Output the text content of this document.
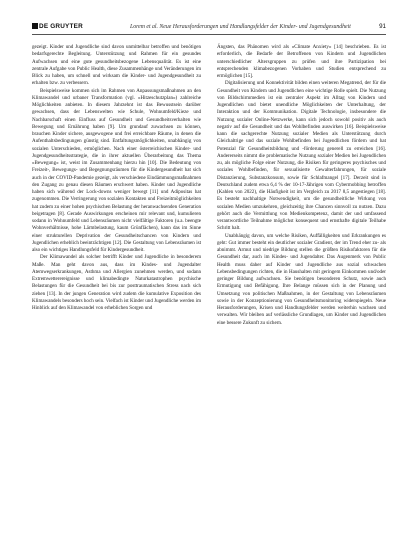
DE GRUYTER	Lorem et al. Neue Herausforderungen und Handlungsfelder der Kinder- und Jugendgesundheit	91

gezeigt. Kinder und Jugendliche sind davon unmittelbar betroffen und benötigen bedarfsgerechte Begleitung. Unterstützung und Rahmen für ein gesundes Aufwachsen und eine gute gesundheitsbezogene Lebensqualität. Es ist eine zentrale Aufgabe von Public Health, diese Zusammenhänge und Veränderungen im Blick zu haben, um schnell und wirksam die Kinder- und Jugendgesundheit zu erhalten bzw. zu verbessern.

Beispielsweise kommen sich im Rahmen von Anpassungsmaßnahmen an den Klimawandel und urbaner Transformation (vgl. »Hitzeschutzplan«) zahlreiche Möglichkeiten anbieten. In diesem Jahrzehnt ist das Bewusstsein darüber gewachsen, dass der Lebenswelten wie Schule, Wohnumfeld/Kieze und Nachbarschaft einen Einfluss auf Gesundheit und Gesundheitsverhalten wie Bewegung und Ernährung haben [9]. Um grundauf zuwachsen zu können, brauchen Kinder sichere, ausgewogene und frei erreichbare Räume, in denen die Aufenthaltsbedingungen günstig sind. Entfaltungsmöglichkeiten, unabhängig von sozialen Unterschieden, ermöglichen. Nach einer österreichischen Kinder- und Jugendgesundheitsstrategie, die in ihrer aktuellen Überarbeitung das Thema »Bewegung« ist, weist im Zusammenhang hierzu hin [10]. Die Bedeutung von Freizeit-, Bewegungs- und Begegnungsräumen für die Kindergesundheit hat sich auch in der COVID-Pandemie gezeigt, als verschiedene Eindämmungsmaßnahmen den Zugang zu genau diesen Räumen erschwert haben. Kinder und Jugendliche haben sich während der Lock-downs weniger bewegt [11] und Adipositas hat zugenommen. Die Verringerung von sozialen Kontakten und Freizeitmöglichkeiten hat zudem zu einer hohen psychischen Belastung der heranwachsenden Generation beigetragen [8]. Gerade Auswirkungen erscheinen mir relevant und, kumulieren sodann in Wohnumfeld und Lebensräumen nicht vielfältige Faktoren (u.a. beengte Wohnverhältnisse, hohe Lärmbelastung, kaum Grünflächen), kann das im Sinne einer strukturellen Deprivation der Gesundheitschancen von Kindern und Jugendlichen erheblich beeinträchtigen [12]. Die Gestaltung von Lebensräumen ist also ein wichtiges Handlungsfeld für Kindergesundheit.

Der Klimawandel als solcher betrifft Kinder und Jugendliche in besonderem Maße. Man geht davon aus, dass im Kindes- und Jugendalter Atemwegserkrankungen, Asthma und Allergien zunehmen werden, und sodann Extremwetterereignisse und klimabedingte Naturkatastrophen psychische Belastungen für die Gesundheit bei bis zur posttraumatischen Stress nach sich ziehen [13]. In der jungen Generation wird zudem die kumulative Exposition des Klimawandels besonders hoch sein. Vielfach ist Kinder und Jugendliche werden im Hinblick auf den Klimawandel von erheblichen Sorgen und

Ängsten, das Phänomen wird als »Climate Anxiety« [14] beschrieben. Es ist erforderlich, die Bedarfe der Betroffenen von Kindern und Jugendlichen unterschiedlicher Altersgruppen zu prüfen und ihre Partizipation bei entsprechenden klimabezogenen Vorhaben und Studien entsprechend zu ermöglichen [15].

Digitalisierung und Konnektivität bilden einen weiteren Megatrend, der für die Gesundheit von Kindern und Jugendlichen eine wichtige Rolle spielt. Die Nutzung von Bildschirmmedien ist ein zentraler Aspekt im Alltag von Kindern und Jugendlichen und bietet unendliche Möglichkeiten der Unterhaltung, der Interaktion und der Kommunikation. Digitale Technologie, insbesondere die Nutzung sozialer Online-Netzwerke, kann sich jedoch sowohl positiv als auch negativ auf die Gesundheit und das Wohlbefinden auswirken [16]. Beispielsweise kann die sachgerechte Nutzung sozialer Medien als Unterstützung durch Gleichaltrige und das soziale Wohlbefinden bei Jugendlichen fördern und hat Potenzial für Gesundheitsbildung und -förderung generell zu erreichen [16]. Andererseits nimmt die problematische Nutzung sozialer Medien bei Jugendlichen zu, als mögliche Folge einer Nutzung, die Risiken für geringeres psychisches und soziales Wohlbefinden, für sexualisierte Gewalterfahrungen, für soziale Distanzierung, Substanzkonsum, sowie für Schlafmangel [17]. Derzeit sind in Deutschland zudem etwa 6,4 % der 10-17-Jährigen vom Cybermobbing betroffen (Kahlen von 2022), die Häufigkeit ist im Vergleich zu 2017 8,5 angestiegen [18]. Es besteht nachhaltige Notwendigkeit, um die gesundheitliche Wirkung von sozialen Medien umzukehren, gleichzeitig ihre Chancen sinnvoll zu nutzen. Dazu gehört auch die Vermittlung von Medienkompetenz, damit der und umfassend verantwortliche Teilnahme möglichst konsequent und ernsthafte digitale Teilhabe Schritt halt.

Unabhängig davon, um welche Risiken, Auffälligkeiten und Erkrankungen es geht: Gut immer besteht ein deutlicher sozialer Gradient, der im Trend eher zu- als abnimmt. Armut und niedrige Bildung stellen die größten Risikofaktoren für die Gesundheit dar, auch im Kindes- und Jugendalter. Das Augenmerk von Public Health muss daher auf Kinder und Jugendliche aus sozial schwachen Lebensbedingungen richten, die in Haushalten mit geringem Einkommen und/oder geringer Bildung aufwachsen. Sie benötigen besonderen Schutz, sowie auch Ermutigung und Befähigung. Ihre Belange müssen sich in der Planung und Umsetzung von politischen Maßnahmen, in der Gestaltung von Lebensräumen sowie in der Konzeptionierung von Gesundheitsmonitoring widerspiegeln. Neue Herausforderungen, Krisen und Handlungsfelder werden weiterhin wachsen und verwalten. Wir bleiben auf verlässliche Grundlagen, um Kinder und Jugendlichen eine bessere Zukunft zu sichern.
